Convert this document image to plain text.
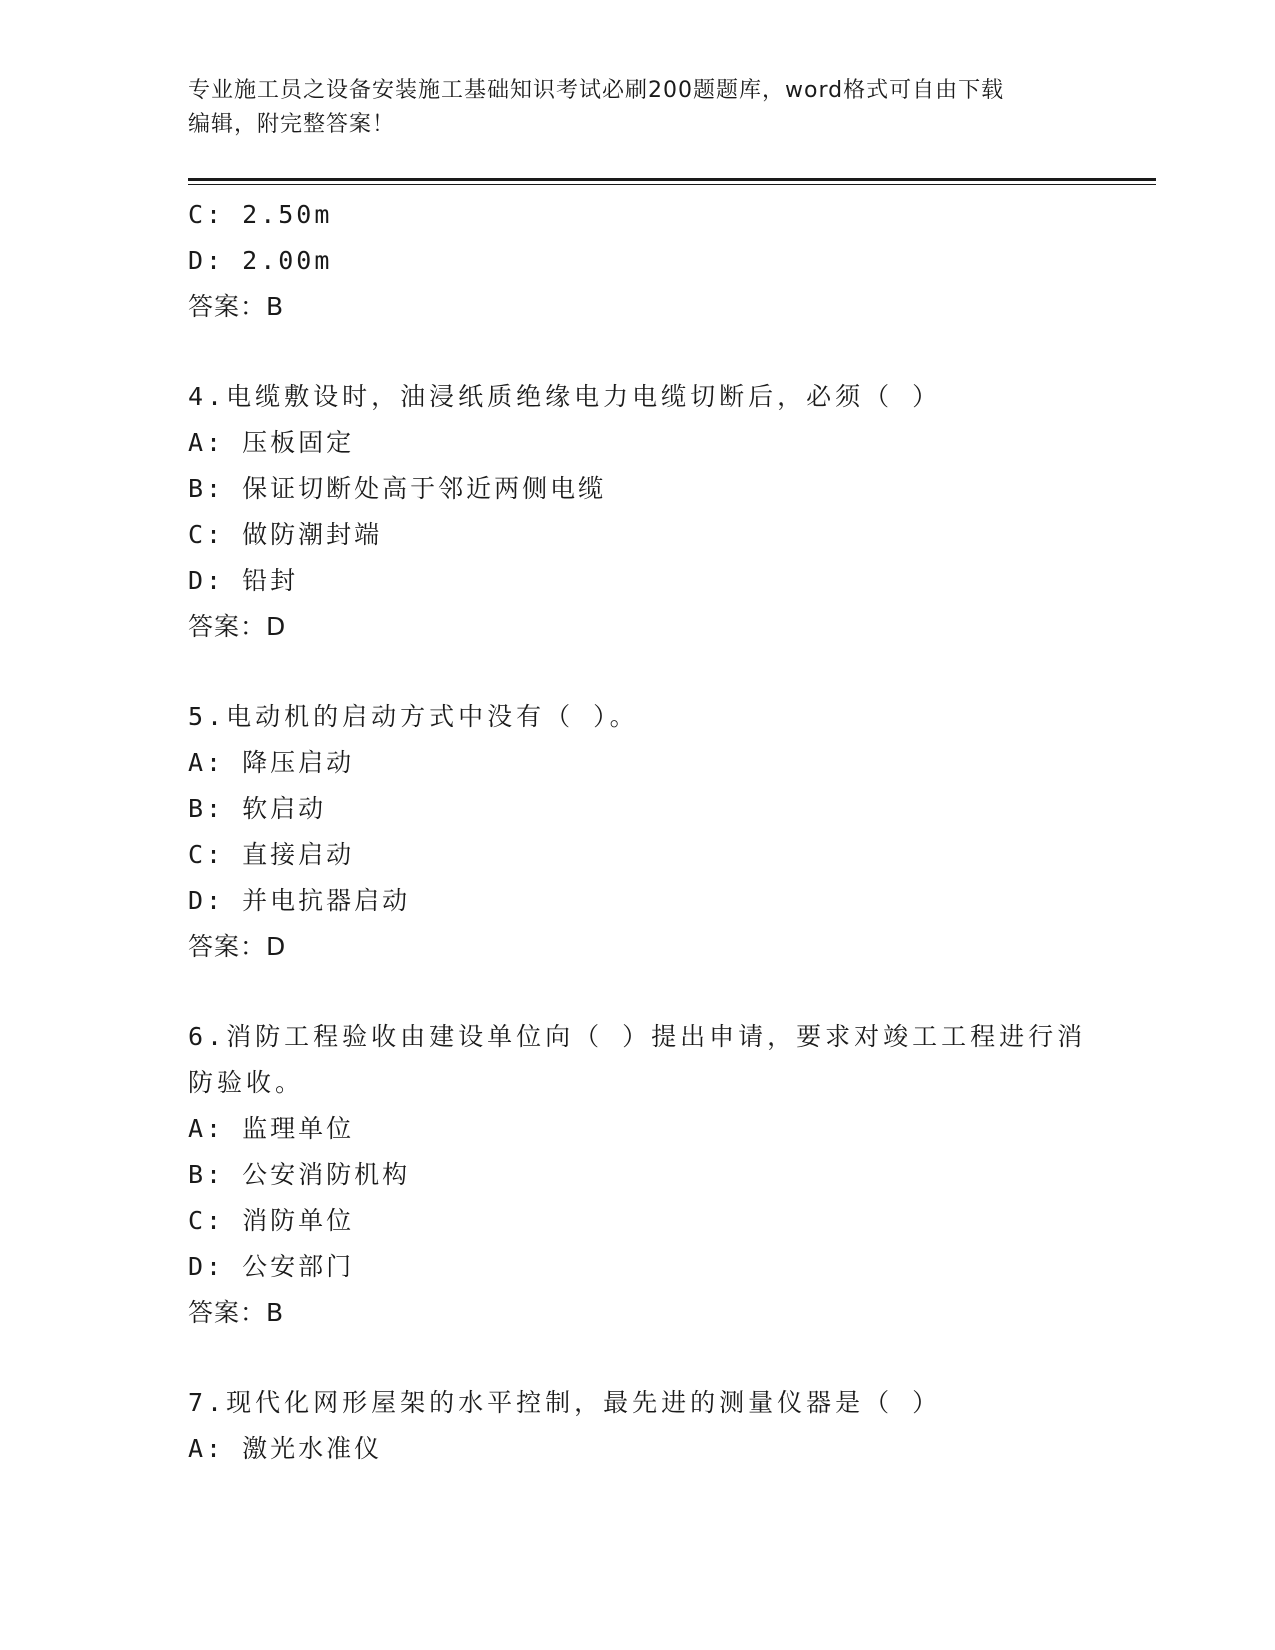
专业施工员之设备安装施工基础知识考试必刷200题题库，word格式可自由下载
编辑，附完整答案！
C: 2.50m
D: 2.00m
答案：B
4.电缆敷设时，油浸纸质绝缘电力电缆切断后，必须（ ）
A: 压板固定
B: 保证切断处高于邻近两侧电缆
C: 做防潮封端
D: 铅封
答案：D
5.电动机的启动方式中没有（ ）。
A: 降压启动
B: 软启动
C: 直接启动
D: 并电抗器启动
答案：D
6.消防工程验收由建设单位向（ ）提出申请，要求对竣工工程进行消
防验收。
A: 监理单位
B: 公安消防机构
C: 消防单位
D: 公安部门
答案：B
7.现代化网形屋架的水平控制，最先进的测量仪器是（ ）
A: 激光水准仪
